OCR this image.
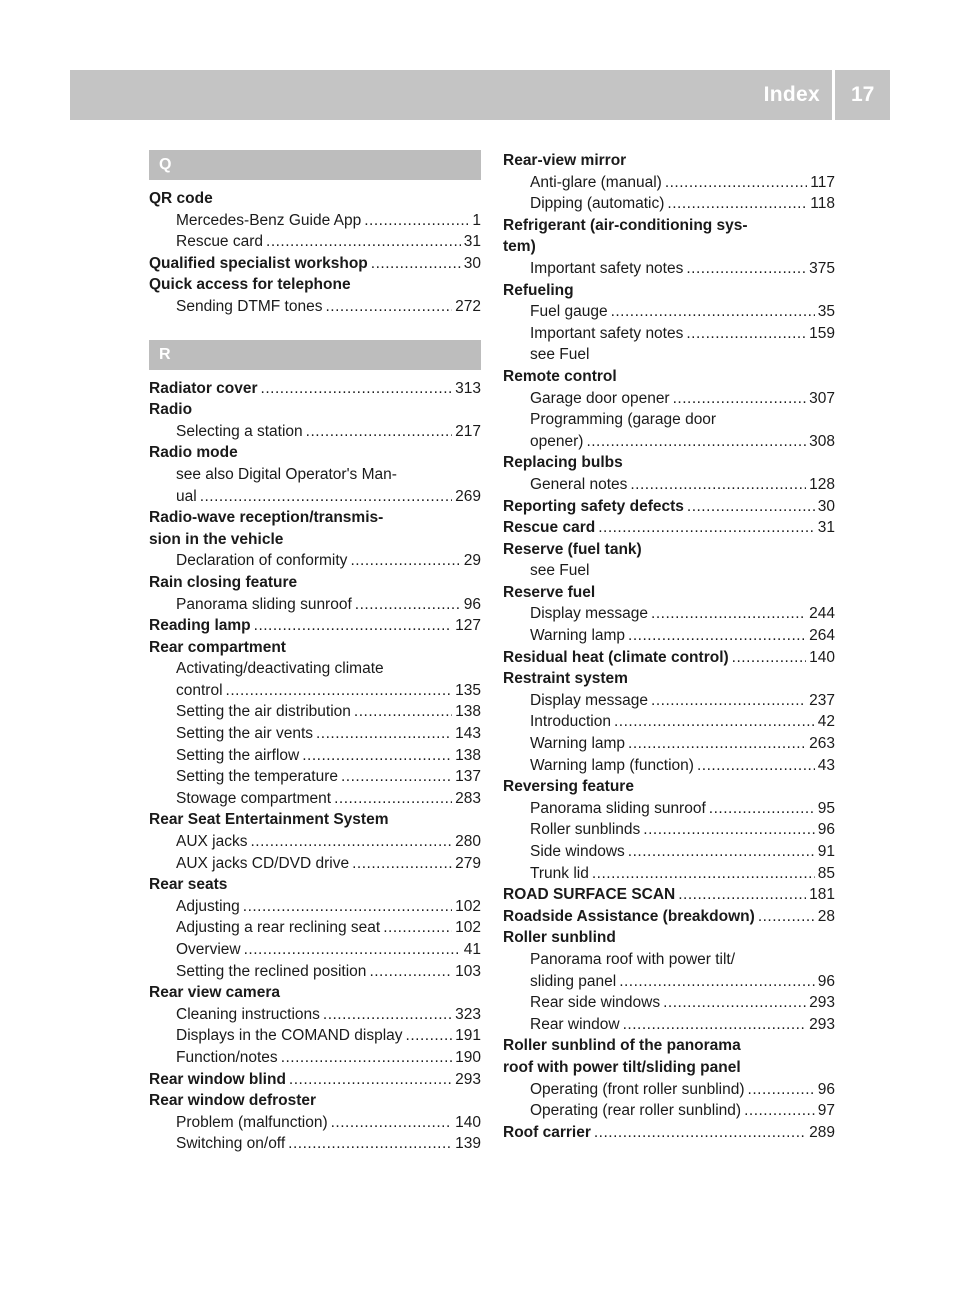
Index 17
Q
QR code
Mercedes-Benz Guide App .....	1
Rescue card .....	31
Qualified specialist workshop .....	30
Quick access for telephone
Sending DTMF tones .....	272
R
Radiator cover .....	313
Radio
Selecting a station .....	217
Radio mode
see also Digital Operator's Man-
ual .....	269
Radio-wave reception/transmis-
sion in the vehicle
Declaration of conformity .....	29
Rain closing feature
Panorama sliding sunroof .....	96
Reading lamp .....	127
Rear compartment
Activating/deactivating climate
control .....	135
Setting the air distribution .....	138
Setting the air vents .....	143
Setting the airflow .....	138
Setting the temperature .....	137
Stowage compartment .....	283
Rear Seat Entertainment System
AUX jacks .....	280
AUX jacks CD/DVD drive .....	279
Rear seats
Adjusting .....	102
Adjusting a rear reclining seat .....	102
Overview .....	41
Setting the reclined position .....	103
Rear view camera
Cleaning instructions .....	323
Displays in the COMAND display .....	191
Function/notes .....	190
Rear window blind .....	293
Rear window defroster
Problem (malfunction) .....	140
Switching on/off .....	139
Rear-view mirror
Anti-glare (manual) .....	117
Dipping (automatic) .....	118
Refrigerant (air-conditioning sys-
tem)
Important safety notes .....	375
Refueling
Fuel gauge .....	35
Important safety notes .....	159
see Fuel
Remote control
Garage door opener .....	307
Programming (garage door
opener) .....	308
Replacing bulbs
General notes .....	128
Reporting safety defects .....	30
Rescue card .....	31
Reserve (fuel tank)
see Fuel
Reserve fuel
Display message .....	244
Warning lamp .....	264
Residual heat (climate control) .....	140
Restraint system
Display message .....	237
Introduction .....	42
Warning lamp .....	263
Warning lamp (function) .....	43
Reversing feature
Panorama sliding sunroof .....	95
Roller sunblinds .....	96
Side windows .....	91
Trunk lid .....	85
ROAD SURFACE SCAN .....	181
Roadside Assistance (breakdown) .....	28
Roller sunblind
Panorama roof with power tilt/
sliding panel .....	96
Rear side windows .....	293
Rear window .....	293
Roller sunblind of the panorama
roof with power tilt/sliding panel
Operating (front roller sunblind) .....	96
Operating (rear roller sunblind) .....	97
Roof carrier .....	289
